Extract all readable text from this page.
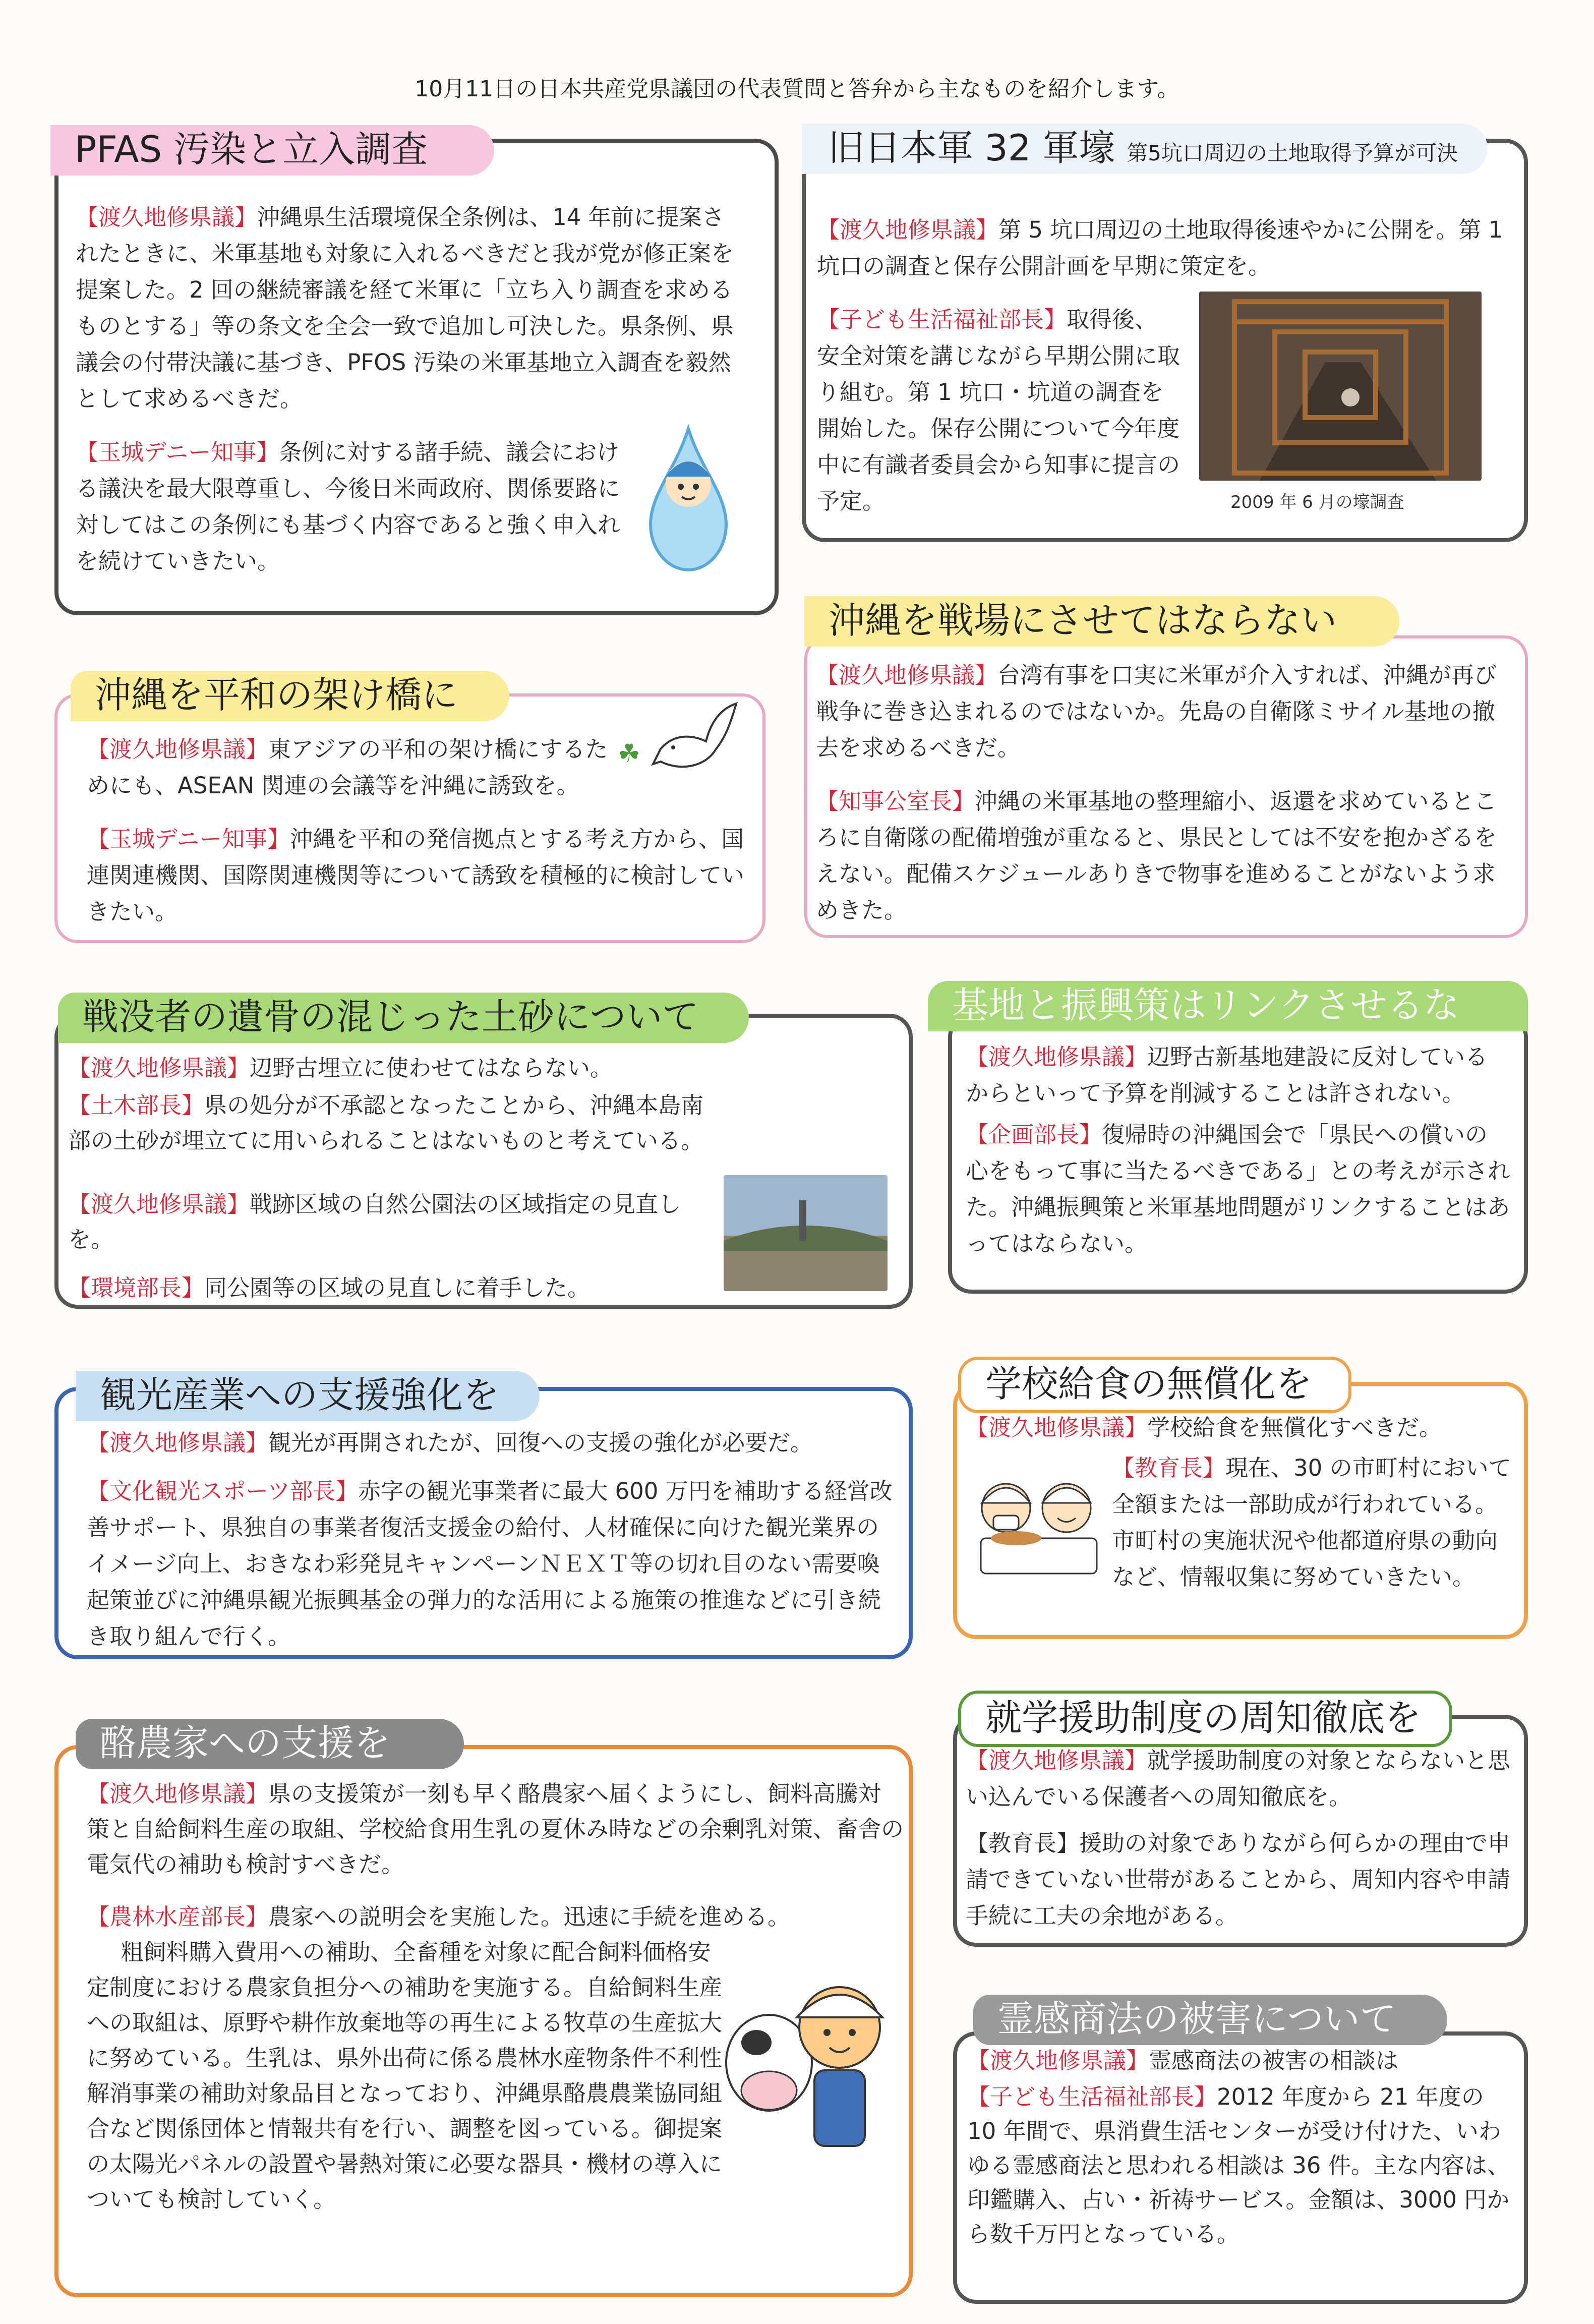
10月11日の日本共産党県議団の代表質問と答弁から主なものを紹介します。
PFAS 汚染と立入調査

【渡久地修県議】沖縄県生活環境保全条例は、14 年前に提案されたときに、米軍基地も対象に入れるべきだと我が党が修正案を提案した。2 回の継続審議を経て米軍に「立ち入り調査を求めるものとする」等の条文を全会一致で追加し可決した。県条例、県議会の付帯決議に基づき、PFOS 汚染の米軍基地立入調査を毅然として求めるべきだ。

【玉城デニー知事】条例に対する諸手続、議会における議決を最大限尊重し、今後日米両政府、関係要路に対してはこの条例にも基づく内容であると強く申入れを続けていきたい。

旧日本軍 32 軍壕 第5坑口周辺の土地取得予算が可決

【渡久地修県議】第 5 坑口周辺の土地取得後速やかに公開を。第 1 坑口の調査と保存公開計画を早期に策定を。

【子ども生活福祉部長】取得後、安全対策を講じながら早期公開に取り組む。第 1 坑口・坑道の調査を開始した。保存公開について今年度中に有識者委員会から知事に提言の予定。	2009 年 6 月の壕調査
沖縄を戦場にさせてはならない

【渡久地修県議】台湾有事を口実に米軍が介入すれば、沖縄が再び戦争に巻き込まれるのではないか。先島の自衛隊ミサイル基地の撤去を求めるべきだ。

【知事公室長】沖縄の米軍基地の整理縮小、返還を求めているところに自衛隊の配備増強が重なると、県民としては不安を抱かざるをえない。配備スケジュールありきで物事を進めることがないよう求めきた。

沖縄を平和の架け橋に

【渡久地修県議】東アジアの平和の架け橋にするためにも、ASEAN 関連の会議等を沖縄に誘致を。

【玉城デニー知事】沖縄を平和の発信拠点とする考え方から、国連関連機関、国際関連機関等について誘致を積極的に検討していきたい。

☘
戦没者の遺骨の混じった土砂について

【渡久地修県議】辺野古埋立に使わせてはならない。

【土木部長】県の処分が不承認となったことから、沖縄本島南部の土砂が埋立てに用いられることはないものと考えている。

【渡久地修県議】戦跡区域の自然公園法の区域指定の見直しを。

【環境部長】同公園等の区域の見直しに着手した。

基地と振興策はリンクさせるな

【渡久地修県議】辺野古新基地建設に反対しているからといって予算を削減することは許されない。

【企画部長】復帰時の沖縄国会で「県民への償いの心をもって事に当たるべきである」との考えが示された。沖縄振興策と米軍基地問題がリンクすることはあってはならない。

観光産業への支援強化を

【渡久地修県議】観光が再開されたが、回復への支援の強化が必要だ。

【文化観光スポーツ部長】赤字の観光事業者に最大 600 万円を補助する経営改善サポート、県独自の事業者復活支援金の給付、人材確保に向けた観光業界のイメージ向上、おきなわ彩発見キャンペーンＮＥＸＴ等の切れ目のない需要喚起策並びに沖縄県観光振興基金の弾力的な活用による施策の推進などに引き続き取り組んで行く。

学校給食の無償化を

【渡久地修県議】学校給食を無償化すべきだ。

【教育長】現在、30 の市町村において全額または一部助成が行われている。市町村の実施状況や他都道府県の動向など、情報収集に努めていきたい。

酪農家への支援を

【渡久地修県議】県の支援策が一刻も早く酪農家へ届くようにし、飼料高騰対策と自給飼料生産の取組、学校給食用生乳の夏休み時などの余剰乳対策、畜舎の電気代の補助も検討すべきだ。

【農林水産部長】農家への説明会を実施した。迅速に手続を進める。

粗飼料購入費用への補助、全畜種を対象に配合飼料価格安定制度における農家負担分への補助を実施する。自給飼料生産への取組は、原野や耕作放棄地等の再生による牧草の生産拡大に努めている。生乳は、県外出荷に係る農林水産物条件不利性解消事業の補助対象品目となっており、沖縄県酪農農業協同組合など関係団体と情報共有を行い、調整を図っている。御提案の太陽光パネルの設置や暑熱対策に必要な器具・機材の導入についても検討していく。

就学援助制度の周知徹底を

【渡久地修県議】就学援助制度の対象とならないと思い込んでいる保護者への周知徹底を。

【教育長】援助の対象でありながら何らかの理由で申請できていない世帯があることから、周知内容や申請手続に工夫の余地がある。

霊感商法の被害について

【渡久地修県議】霊感商法の被害の相談は

【子ども生活福祉部長】2012 年度から 21 年度の 10 年間で、県消費生活センターが受け付けた、いわゆる霊感商法と思われる相談は 36 件。主な内容は、印鑑購入、占い・祈祷サービス。金額は、3000 円から数千万円となっている。
